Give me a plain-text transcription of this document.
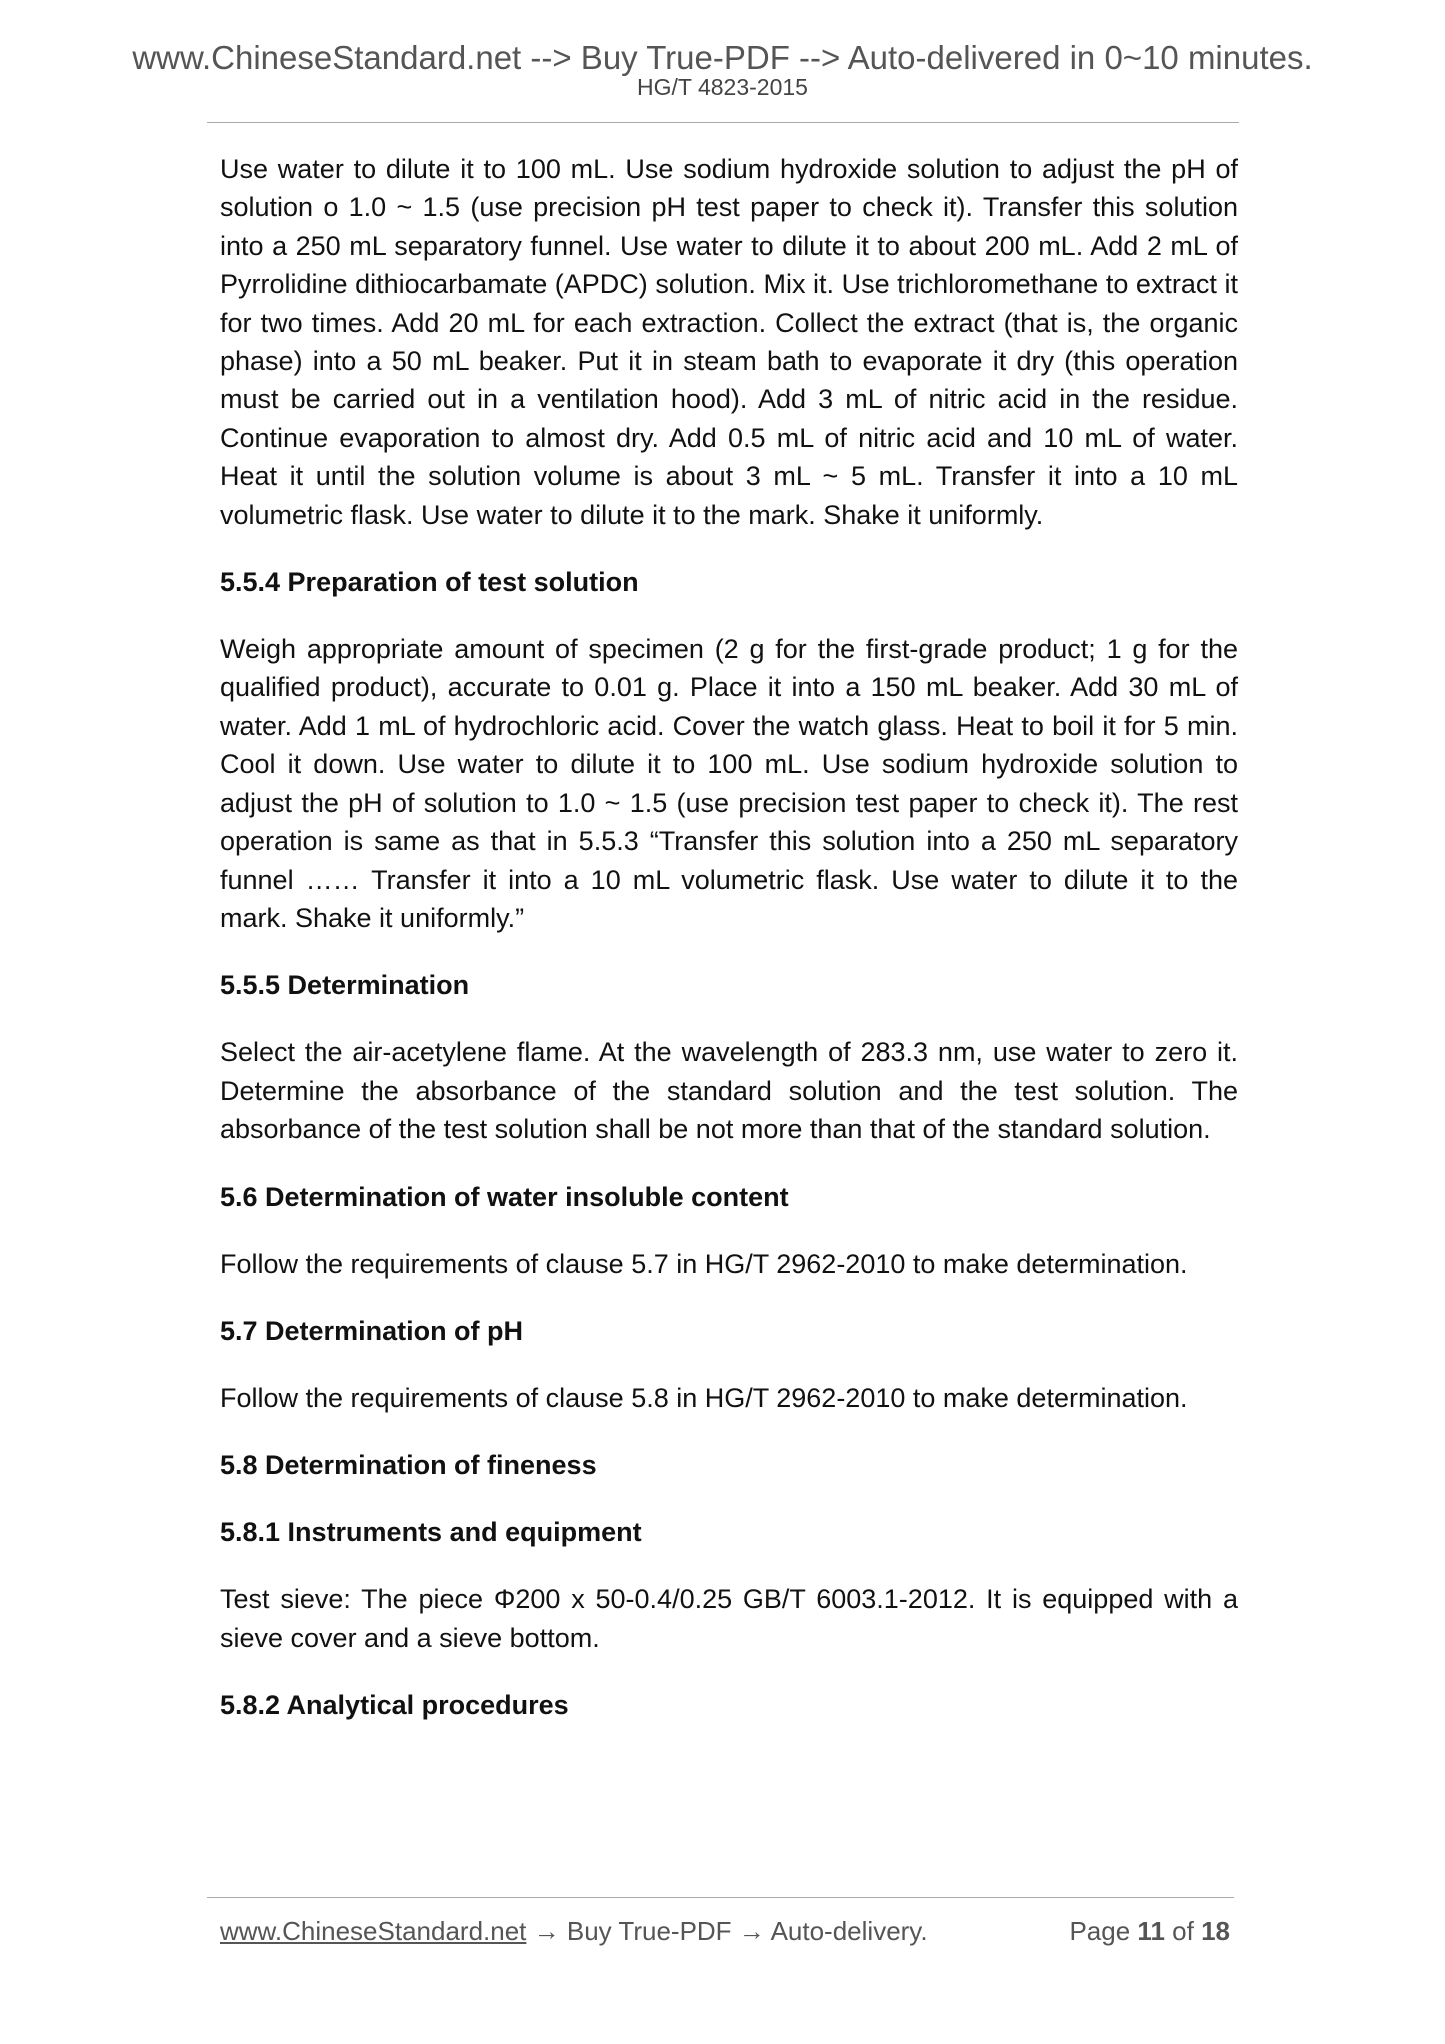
www.ChineseStandard.net --> Buy True-PDF --> Auto-delivered in 0~10 minutes.
HG/T 4823-2015

Use water to dilute it to 100 mL. Use sodium hydroxide solution to adjust the pH of solution o 1.0 ~ 1.5 (use precision pH test paper to check it). Transfer this solution into a 250 mL separatory funnel. Use water to dilute it to about 200 mL. Add 2 mL of Pyrrolidine dithiocarbamate (APDC) solution. Mix it. Use trichloromethane to extract it for two times. Add 20 mL for each extraction. Collect the extract (that is, the organic phase) into a 50 mL beaker. Put it in steam bath to evaporate it dry (this operation must be carried out in a ventilation hood). Add 3 mL of nitric acid in the residue. Continue evaporation to almost dry. Add 0.5 mL of nitric acid and 10 mL of water. Heat it until the solution volume is about 3 mL ~ 5 mL. Transfer it into a 10 mL volumetric flask. Use water to dilute it to the mark. Shake it uniformly.

5.5.4 Preparation of test solution

Weigh appropriate amount of specimen (2 g for the first-grade product; 1 g for the qualified product), accurate to 0.01 g. Place it into a 150 mL beaker. Add 30 mL of water. Add 1 mL of hydrochloric acid. Cover the watch glass. Heat to boil it for 5 min. Cool it down. Use water to dilute it to 100 mL. Use sodium hydroxide solution to adjust the pH of solution to 1.0 ~ 1.5 (use precision test paper to check it). The rest operation is same as that in 5.5.3 “Transfer this solution into a 250 mL separatory funnel …… Transfer it into a 10 mL volumetric flask. Use water to dilute it to the mark. Shake it uniformly.”

5.5.5 Determination

Select the air-acetylene flame. At the wavelength of 283.3 nm, use water to zero it. Determine the absorbance of the standard solution and the test solution. The absorbance of the test solution shall be not more than that of the standard solution.

5.6 Determination of water insoluble content

Follow the requirements of clause 5.7 in HG/T 2962-2010 to make determination.

5.7 Determination of pH

Follow the requirements of clause 5.8 in HG/T 2962-2010 to make determination.

5.8 Determination of fineness
5.8.1 Instruments and equipment

Test sieve: The piece Φ200 x 50-0.4/0.25 GB/T 6003.1-2012. It is equipped with a sieve cover and a sieve bottom.

5.8.2 Analytical procedures
www.ChineseStandard.net → Buy True-PDF → Auto-delivery.	Page 11 of 18
